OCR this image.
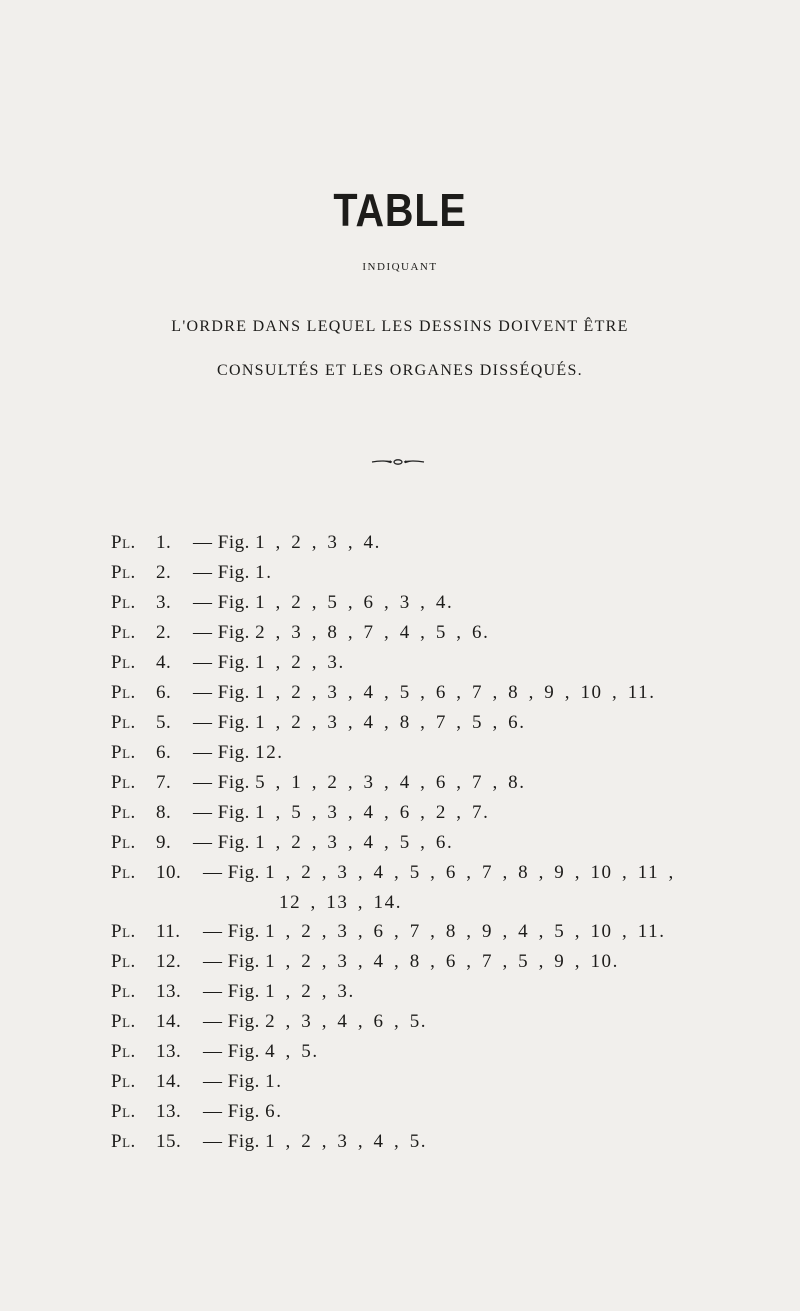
TABLE
INDIQUANT
L'ORDRE DANS LEQUEL LES DESSINS DOIVENT ÊTRE
CONSULTÉS ET LES ORGANES DISSÉQUÉS.
Pl. 1. — Fig. 1 , 2 , 3 , 4.
Pl. 2. — Fig. 1.
Pl. 3. — Fig. 1 , 2 , 5 , 6 , 3 , 4.
Pl. 2. — Fig. 2 , 3 , 8 , 7 , 4 , 5 , 6.
Pl. 4. — Fig. 1 , 2 , 3.
Pl. 6. — Fig. 1 , 2 , 3 , 4 , 5 , 6 , 7 , 8 , 9 , 10 , 11.
Pl. 5. — Fig. 1 , 2 , 3 , 4 , 8 , 7 , 5 , 6.
Pl. 6. — Fig. 12.
Pl. 7. — Fig. 5 , 1 , 2 , 3 , 4 , 6 , 7 , 8.
Pl. 8. — Fig. 1 , 5 , 3 , 4 , 6 , 2 , 7.
Pl. 9. — Fig. 1 , 2 , 3 , 4 , 5 , 6.
Pl. 10. — Fig. 1 , 2 , 3 , 4 , 5 , 6 , 7 , 8 , 9 , 10 , 11 ,
12 , 13 , 14.
Pl. 11. — Fig. 1 , 2 , 3 , 6 , 7 , 8 , 9 , 4 , 5 , 10 , 11.
Pl. 12. — Fig. 1 , 2 , 3 , 4 , 8 , 6 , 7 , 5 , 9 , 10.
Pl. 13. — Fig. 1 , 2 , 3.
Pl. 14. — Fig. 2 , 3 , 4 , 6 , 5.
Pl. 13. — Fig. 4 , 5.
Pl. 14. — Fig. 1.
Pl. 13. — Fig. 6.
Pl. 15. — Fig. 1 , 2 , 3 , 4 , 5.
